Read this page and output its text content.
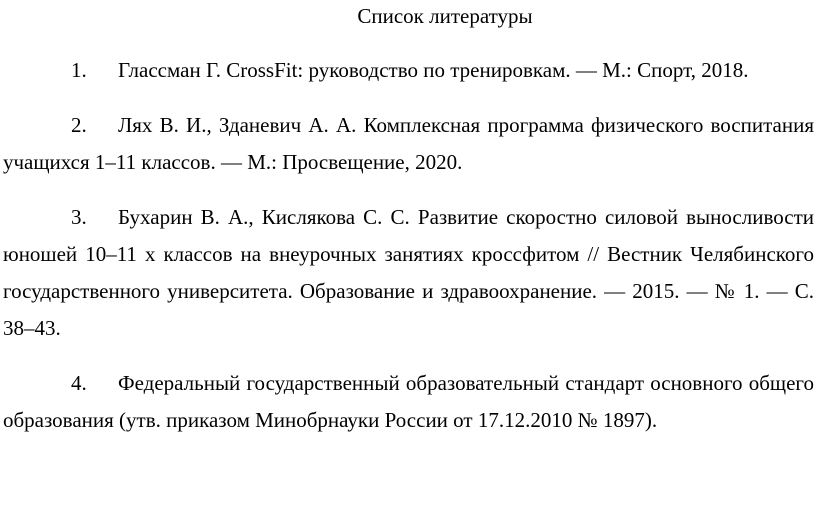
Список литературы
1. Глассман Г. CrossFit: руководство по тренировкам. — М.: Спорт, 2018.
2. Лях В. И., Зданевич А. А. Комплексная программа физического воспитания учащихся 1–11 классов. — М.: Просвещение, 2020.
3. Бухарин В. А., Кислякова С. С. Развитие скоростно силовой выносливости юношей 10–11 х классов на внеурочных занятиях кроссфитом // Вестник Челябинского государственного университета. Образование и здравоохранение. — 2015. — № 1. — С. 38–43.
4. Федеральный государственный образовательный стандарт основного общего образования (утв. приказом Минобрнауки России от 17.12.2010 № 1897).
